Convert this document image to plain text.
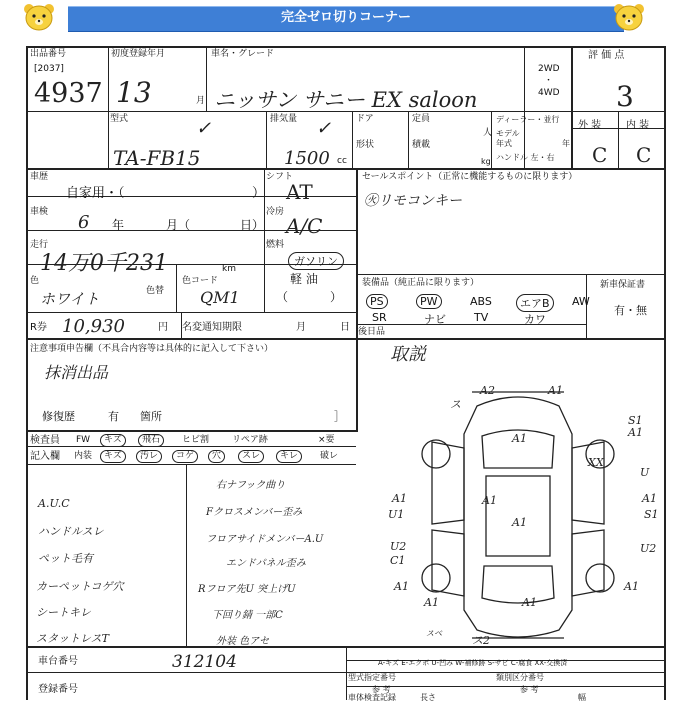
完全ゼロ切りコーナー
出品番号
[2037]
4937
初度登録年月
13	月
車名・グレード
ニッサン サニー EX saloon
2WD
・
4WD
評 価 点
3
型式	✓
TA-FB15
排気量 ✓
1500 cc
ドア	定員
人
ディーラー・並行
モデル
年式	年
ハンドル 左・右
形状	積載
kg
外 装 内 装
C C
車歴
自家用・（	）
車検 6 年	月（	日）
走行
14万0千231	km
色
ホワイト	色替
色コード
QM1
R券 10,930	円 名変通知期限	月	日
シフト
AT
冷房
A/C
燃料
ガソリン
軽 油
（	）
セールスポイント（正常に機能するものに限ります）
㊋リモコンキー
装備品（純正品に限ります）
PS	PW	ABS	エアB	AW
SR	ナビ	TV	カワ
新車保証書
有・無
後日品
取説
注意事項申告欄（不具合内容等は具体的に記入して下さい）
抹消出品
修復歴	有 箇所	］
検査員
記入欄
FW	キズ	飛石	ヒビ割	リペア跡	×要
内装	キズ	汚レ	コゲ	穴	スレ	キレ	破レ
A.U.C
ハンドルスレ
ペット毛有
カーペットコゲ穴
シートキレ
スタットレスT
右ナフック曲り
Fクロスメンバー歪み
フロアサイドメンバーA.U
エンドパネル歪み
Rフロア先U 突上げU
下回り錆 一部C
外装 色アセ
A2	A1
A1
S1
A1
A1
XX
U
A1
A1
S1
A1
U1
U2
C1
U2
A1	A1
A1	A1
スベ
ス2
ス
A-キズ E-エクボ U-凹み W-補修跡 S-サビ C-腐食 XX-交換済
車台番号	312104
登録番号
型式指定番号
参 考
類別区分番号
参 考
車体検査記録	長さ	幅
